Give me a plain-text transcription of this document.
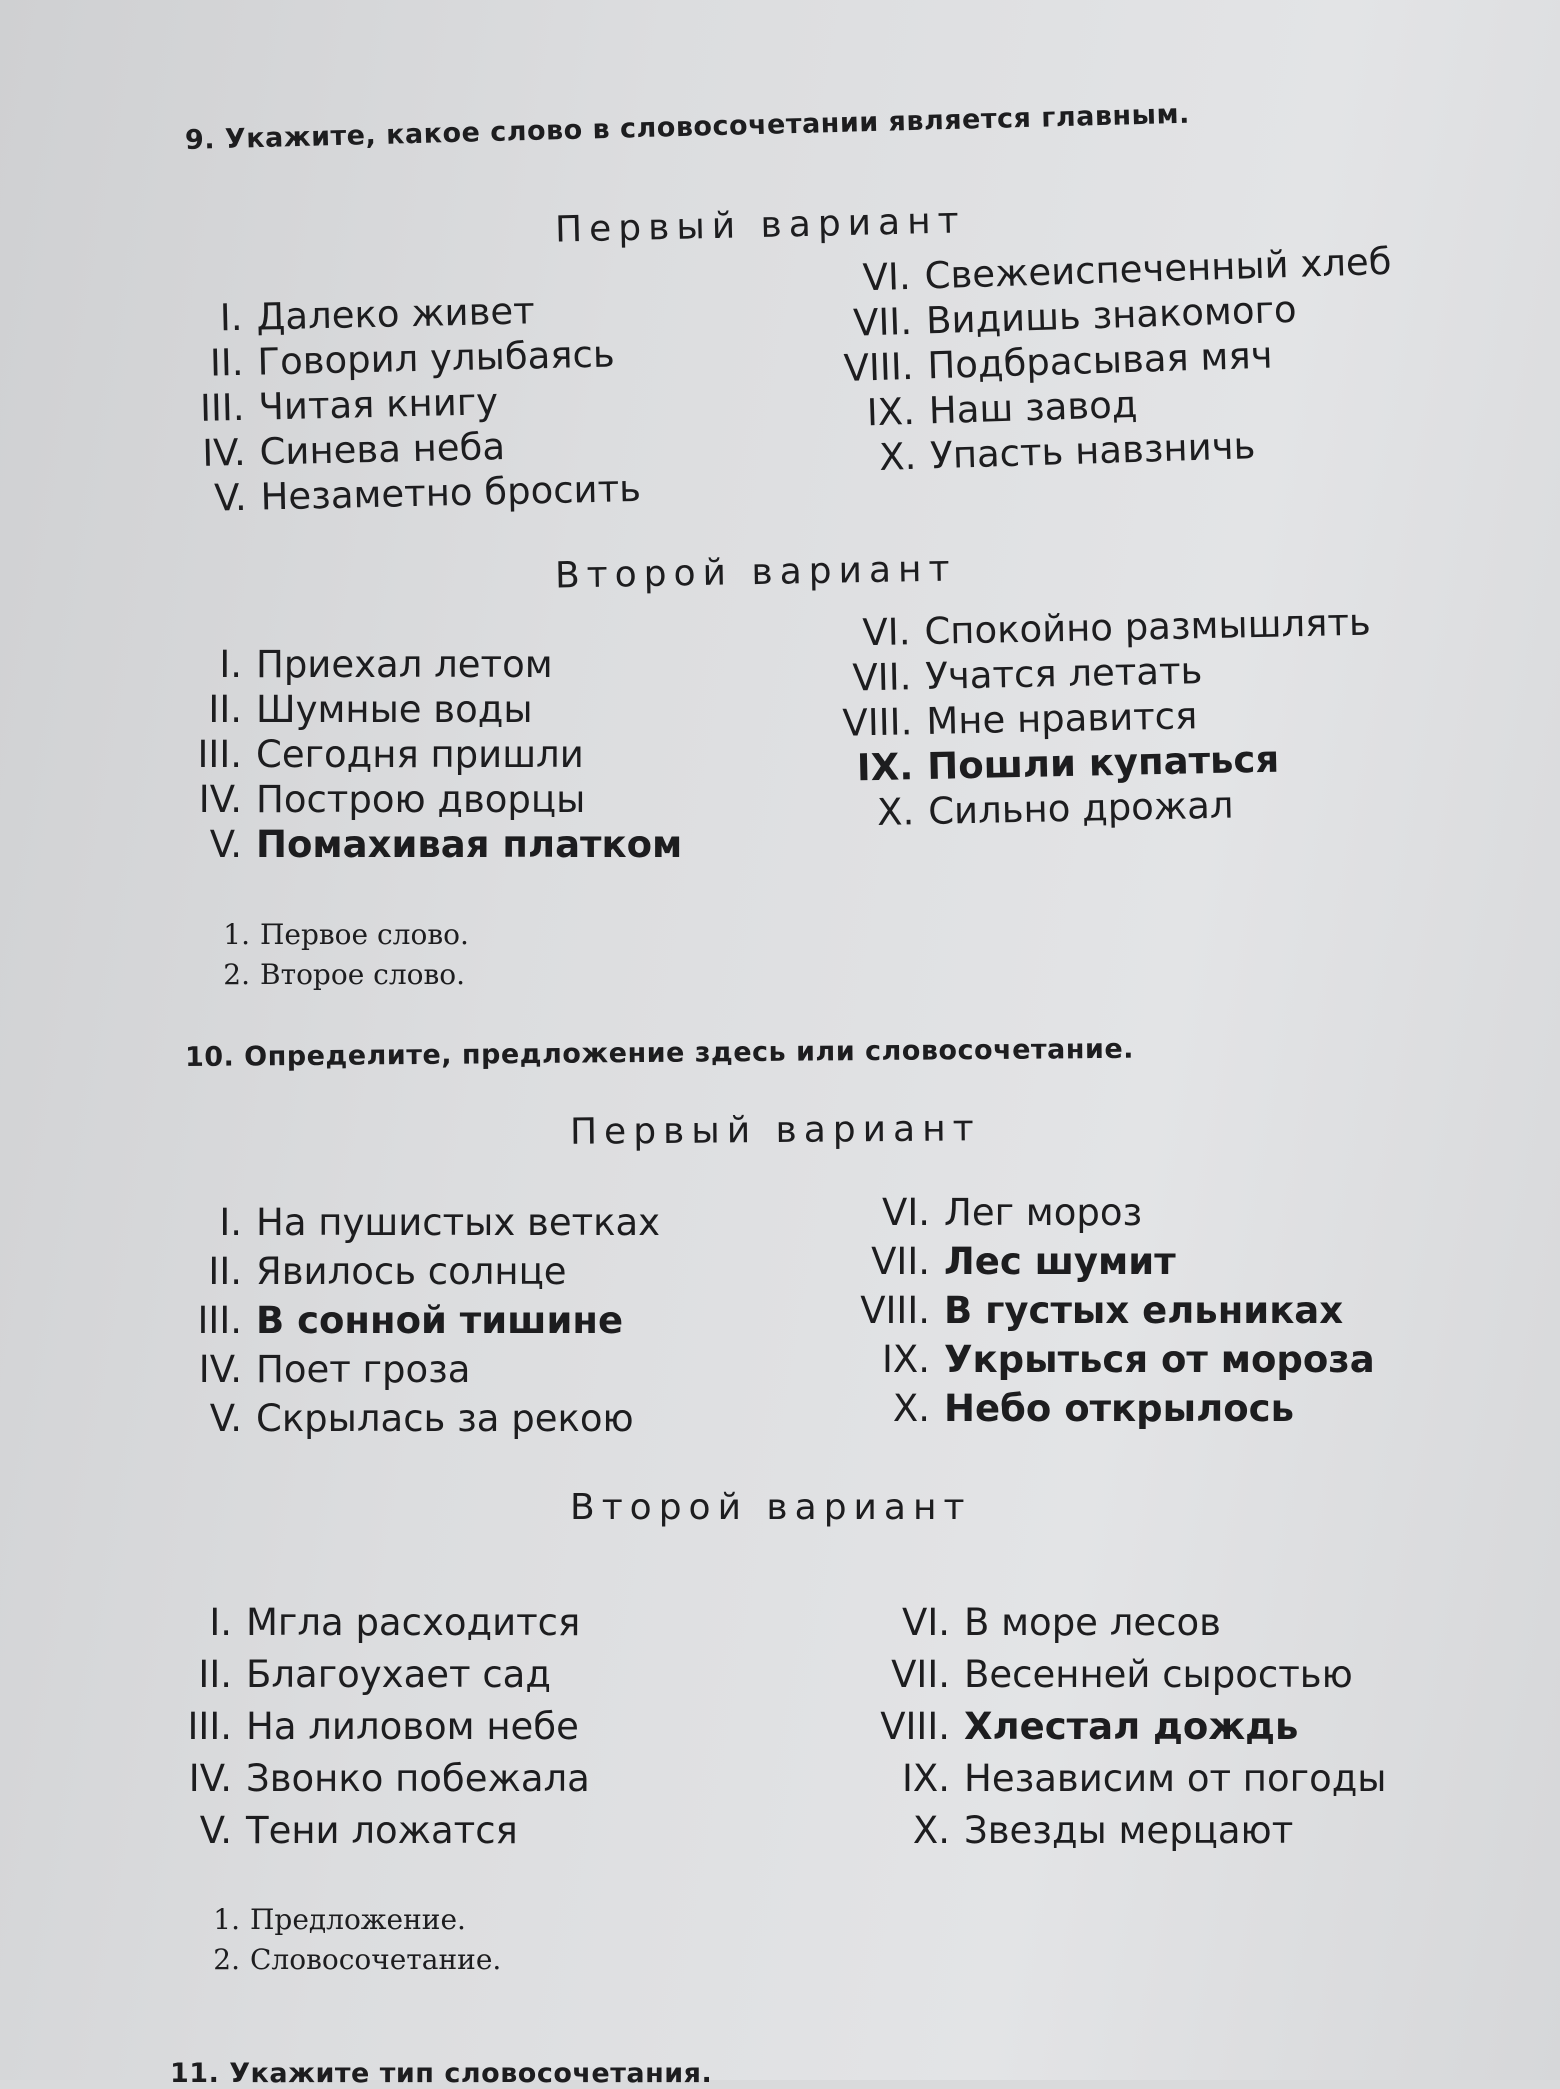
9. Укажите, какое слово в словосочетании является главным.
Первый вариант
I. Далеко живет
II. Говорил улыбаясь
III. Читая книгу
IV. Синева неба
V. Незаметно бросить
VI. Свежеиспеченный хлеб
VII. Видишь знакомого
VIII. Подбрасывая мяч
IX. Наш завод
X. Упасть навзничь
Второй вариант
I. Приехал летом
II. Шумные воды
III. Сегодня пришли
IV. Построю дворцы
V. Помахивая платком
VI. Спокойно размышлять
VII. Учатся летать
VIII. Мне нравится
IX. Пошли купаться
X. Сильно дрожал
1. Первое слово.
2. Второе слово.
10. Определите, предложение здесь или словосочетание.
Первый вариант
I. На пушистых ветках
II. Явилось солнце
III. В сонной тишине
IV. Поет гроза
V. Скрылась за рекою
VI. Лег мороз
VII. Лес шумит
VIII. В густых ельниках
IX. Укрыться от мороза
X. Небо открылось
Второй вариант
I. Мгла расходится
II. Благоухает сад
III. На лиловом небе
IV. Звонко побежала
V. Тени ложатся
VI. В море лесов
VII. Весенней сыростью
VIII. Хлестал дождь
IX. Независим от погоды
X. Звезды мерцают
1. Предложение.
2. Словосочетание.
11. Укажите тип словосочетания.
